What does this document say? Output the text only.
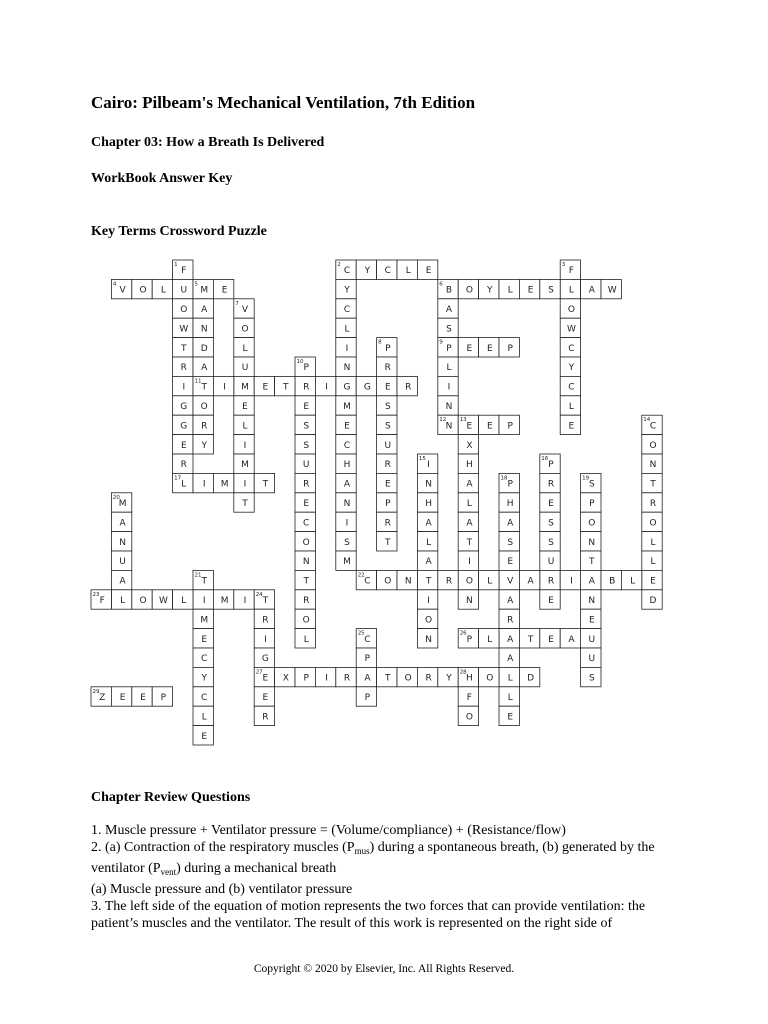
Cairo: Pilbeam's Mechanical Ventilation, 7th Edition
Chapter 03: How a Breath Is Delivered
WorkBook Answer Key
Key Terms Crossword Puzzle
1
F
U
O
W
T
R
I
G
G
E
R
2
C Y C L E
Y
C
L
I
N
G
M
E
C
H
A
N
I
S
M
3
F
L
O
W
C
Y
C
L
E
4
V O L
5
M E
A
N
D
A
11
T
O
R
Y
6
B O Y L E S	A W
A
S
9
P
L
I
N
7
V
O
L
U
M
E
L
I
M
I
T
8
P
R
E
S
S
U
R
E
P
R
T
E E P
10
P
R
E
S
S
U
R
E
C
O
N
T
R
O
L
I	E T	I	G	R
12
N
13
E E P
X
H
A
L
A
T
I
O
N
14
C
O
N
T
R
O
L
L
E
D
15
I
N
H
A
L
A
T
I
O
N
16
P
R
E
S
S
U
R
E
17
L I M	T
18
P
H
A
S
E
V
A
R
A
A
L
L
E
19
S
P
O
N
T
A
N
E
U
U
S
20
M
A
N
U
A
L
21
T
I
M
E
C
Y
C
L
E
22
C O N	R	L	A	I	B L
23
F	O W L	M I
24
T
R
I
G
27
E
E
R
25
C
P
A
P
26
P L	T E A
X P I R	T O R Y
28
H O	D
F
O
29
Z E E P
Chapter Review Questions

1. Muscle pressure + Ventilator pressure = (Volume/compliance) + (Resistance/flow)

2. (a) Contraction of the respiratory muscles $(P_{mus})$ during a spontaneous breath, (b) generated by the ventilator $(P_{vent})$ during a mechanical breath

(a) Muscle pressure and (b) ventilator pressure

3. The left side of the equation of motion represents the two forces that can provide ventilation: the patient’s muscles and the ventilator. The result of this work is represented on the right side of

Copyright © 2020 by Elsevier, Inc. All Rights Reserved.
